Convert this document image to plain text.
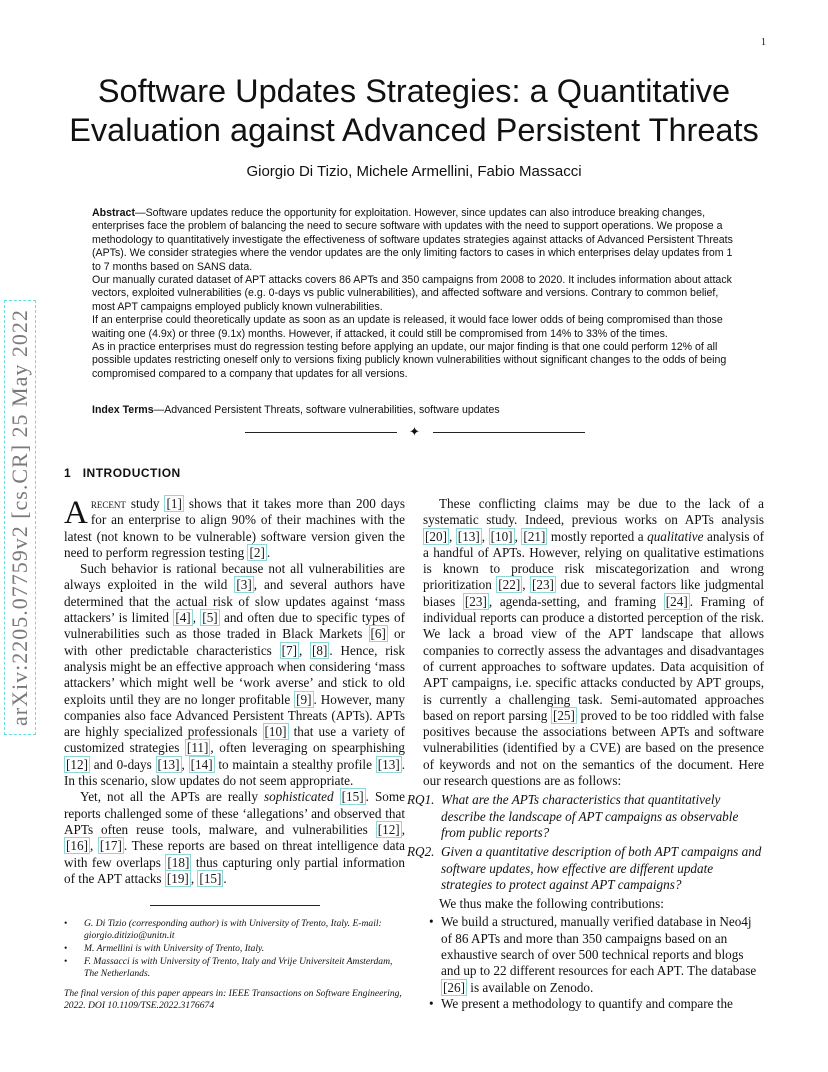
1
arXiv:2205.07759v2 [cs.CR] 25 May 2022
Software Updates Strategies: a Quantitative Evaluation against Advanced Persistent Threats
Giorgio Di Tizio, Michele Armellini, Fabio Massacci

Abstract—Software updates reduce the opportunity for exploitation. However, since updates can also introduce breaking changes, enterprises face the problem of balancing the need to secure software with updates with the need to support operations. We propose a methodology to quantitatively investigate the effectiveness of software updates strategies against attacks of Advanced Persistent Threats (APTs). We consider strategies where the vendor updates are the only limiting factors to cases in which enterprises delay updates from 1 to 7 months based on SANS data.

Our manually curated dataset of APT attacks covers 86 APTs and 350 campaigns from 2008 to 2020. It includes information about attack vectors, exploited vulnerabilities (e.g. 0-days vs public vulnerabilities), and affected software and versions. Contrary to common belief, most APT campaigns employed publicly known vulnerabilities.

If an enterprise could theoretically update as soon as an update is released, it would face lower odds of being compromised than those waiting one (4.9x) or three (9.1x) months. However, if attacked, it could still be compromised from 14% to 33% of the times.

As in practice enterprises must do regression testing before applying an update, our major finding is that one could perform 12% of all possible updates restricting oneself only to versions fixing publicly known vulnerabilities without significant changes to the odds of being compromised compared to a company that updates for all versions.

Index Terms—Advanced Persistent Threats, software vulnerabilities, software updates
✦
1 INTRODUCTION

Arecent study [1] shows that it takes more than 200 days for an enterprise to align 90% of their machines with the latest (not known to be vulnerable) software version given the need to perform regression testing [2] .

Such behavior is rational because not all vulnerabilities are always exploited in the wild [3] , and several authors have determined that the actual risk of slow updates against ‘mass attackers’ is limited [4] , [5] and often due to specific types of vulnerabilities such as those traded in Black Markets [6] or with other predictable characteristics [7] , [8] . Hence, risk analysis might be an effective approach when considering ‘mass attackers’ which might well be ‘work averse’ and stick to old exploits until they are no longer profitable [9] . However, many companies also face Advanced Persistent Threats (APTs). APTs are highly specialized professionals [10] that use a variety of customized strategies [11] , often leveraging on spearphishing [12] and 0-days [13] , [14] to maintain a stealthy profile [13] . In this scenario, slow updates do not seem appropriate.

Yet, not all the APTs are really sophisticated [15] . Some reports challenged some of these ‘allegations’ and observed that APTs often reuse tools, malware, and vulnerabilities [12] , [16] , [17] . These reports are based on threat intelligence data with few overlaps [18] thus capturing only partial information of the APT attacks [19] , [15] .

• G. Di Tizio (corresponding author) is with University of Trento, Italy. E-mail: giorgio.ditizio@unitn.it
• M. Armellini is with University of Trento, Italy.
• F. Massacci is with University of Trento, Italy and Vrije Universiteit Amsterdam, The Netherlands.
The final version of this paper appears in: IEEE Transactions on Software Engineering, 2022. DOI 10.1109/TSE.2022.3176674

These conflicting claims may be due to the lack of a systematic study. Indeed, previous works on APTs analysis [20] , [13] , [10] , [21] mostly reported a qualitative analysis of a handful of APTs. However, relying on qualitative estimations is known to produce risk miscategorization and wrong prioritization [22] , [23] due to several factors like judgmental biases [23] , agenda-setting, and framing [24] . Framing of individual reports can produce a distorted perception of the risk. We lack a broad view of the APT landscape that allows companies to correctly assess the advantages and disadvantages of current approaches to software updates. Data acquisition of APT campaigns, i.e. specific attacks conducted by APT groups, is currently a challenging task. Semi-automated approaches based on report parsing [25] proved to be too riddled with false positives because the associations between APTs and software vulnerabilities (identified by a CVE) are based on the presence of keywords and not on the semantics of the document. Here our research questions are as follows:

RQ1. What are the APTs characteristics that quantitatively describe the landscape of APT campaigns as observable from public reports?
RQ2. Given a quantitative description of both APT campaigns and software updates, how effective are different update strategies to protect against APT campaigns?

We thus make the following contributions:

• We build a structured, manually verified database in Neo4j of 86 APTs and more than 350 campaigns based on an exhaustive search of over 500 technical reports and blogs and up to 22 different resources for each APT. The database [26] is available on Zenodo.
• We present a methodology to quantify and compare the
